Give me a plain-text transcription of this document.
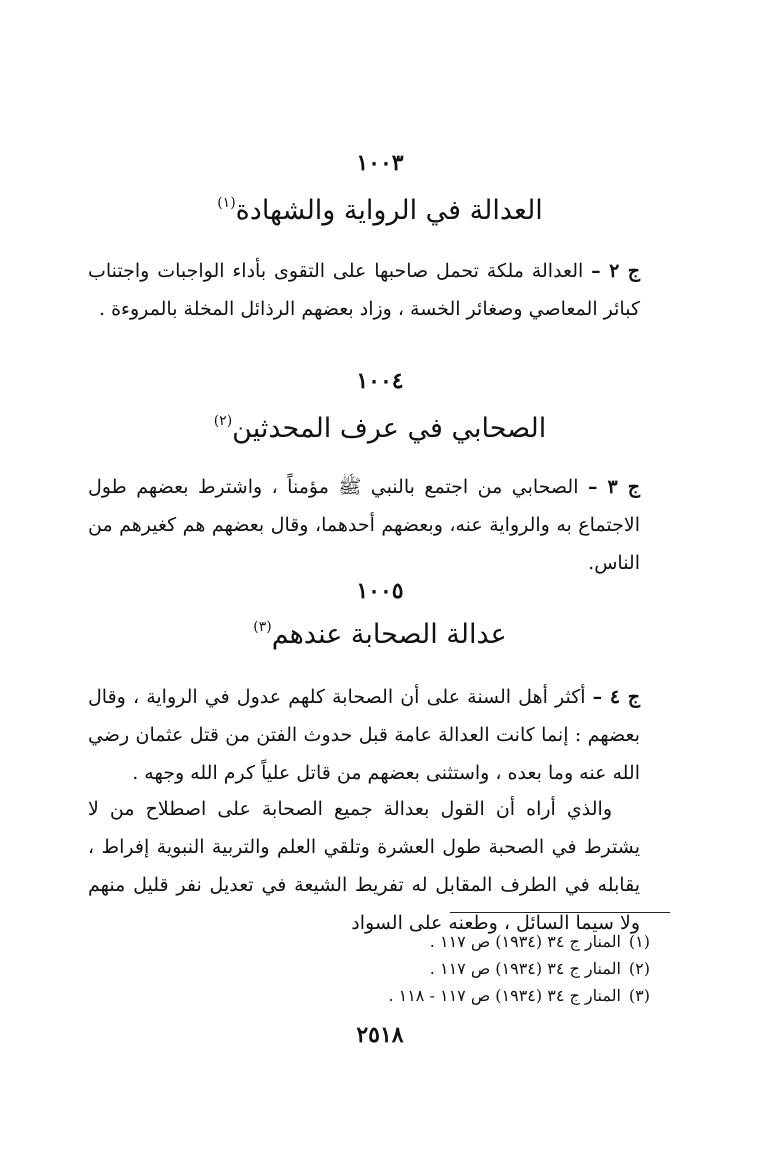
١٠٠٣
العدالة في الرواية والشهادة$^{(١)}$

ج ٢ – العدالة ملكة تحمل صاحبها على التقوى بأداء الواجبات واجتناب كبائر المعاصي وصغائر الخسة ، وزاد بعضهم الرذائل المخلة بالمروءة .

١٠٠٤
الصحابي في عرف المحدثين$^{(٢)}$

ج ٣ – الصحابي من اجتمع بالنبي ﷺ مؤمناً ، واشترط بعضهم طول الاجتماع به والرواية عنه، وبعضهم أحدهما، وقال بعضهم هم كغيرهم من الناس.

١٠٠٥
عدالة الصحابة عندهم$^{(٣)}$

ج ٤ – أكثر أهل السنة على أن الصحابة كلهم عدول في الرواية ، وقال بعضهم : إنما كانت العدالة عامة قبل حدوث الفتن من قتل عثمان رضي الله عنه وما بعده ، واستثنى بعضهم من قاتل علياً كرم الله وجهه .

والذي أراه أن القول بعدالة جميع الصحابة على اصطلاح من لا يشترط في الصحبة طول العشرة وتلقي العلم والتربية النبوية إفراط ، يقابله في الطرف المقابل له تفريط الشيعة في تعديل نفر قليل منهم ولا سيما السائل ، وطعنه على السواد

(١)المنار ج ٣٤ (١٩٣٤) ص ١١٧ .
(٢)المنار ج ٣٤ (١٩٣٤) ص ١١٧ .
(٣)المنار ج ٣٤ (١٩٣٤) ص ١١٧ - ١١٨ .
٢٥١٨
